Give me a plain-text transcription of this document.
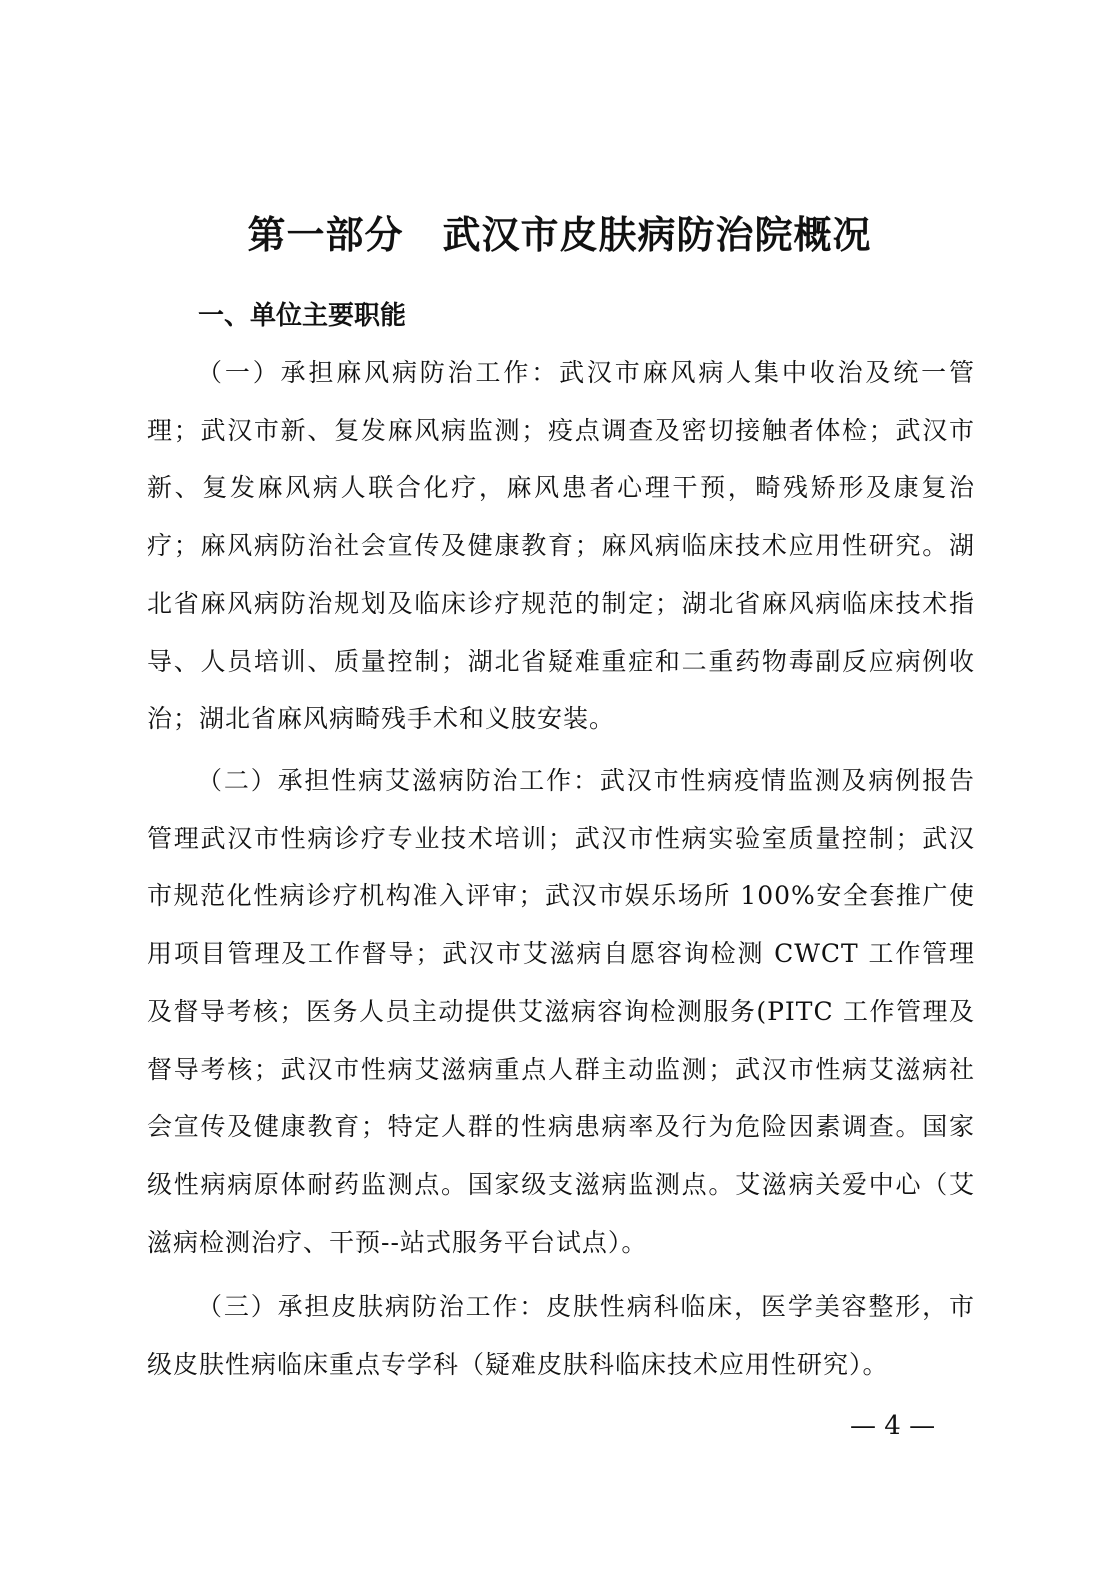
第一部分　武汉市皮肤病防治院概况
一、单位主要职能

（一）承担麻风病防治工作：武汉市麻风病人集中收治及统一管理；武汉市新、复发麻风病监测；疫点调查及密切接触者体检；武汉市新、复发麻风病人联合化疗，麻风患者心理干预，畸残矫形及康复治疗；麻风病防治社会宣传及健康教育；麻风病临床技术应用性研究。湖北省麻风病防治规划及临床诊疗规范的制定；湖北省麻风病临床技术指导、人员培训、质量控制；湖北省疑难重症和二重药物毒副反应病例收治；湖北省麻风病畸残手术和义肢安装。

（二）承担性病艾滋病防治工作：武汉市性病疫情监测及病例报告管理武汉市性病诊疗专业技术培训；武汉市性病实验室质量控制；武汉市规范化性病诊疗机构准入评审；武汉市娱乐场所 100%安全套推广使用项目管理及工作督导；武汉市艾滋病自愿容询检测 CWCT 工作管理及督导考核；医务人员主动提供艾滋病容询检测服务(PITC 工作管理及督导考核；武汉市性病艾滋病重点人群主动监测；武汉市性病艾滋病社会宣传及健康教育；特定人群的性病患病率及行为危险因素调查。国家级性病病原体耐药监测点。国家级支滋病监测点。艾滋病关爱中心（艾滋病检测治疗、干预--站式服务平台试点）。

（三）承担皮肤病防治工作：皮肤性病科临床，医学美容整形，市级皮肤性病临床重点专学科（疑难皮肤科临床技术应用性研究）。

— 4 —
